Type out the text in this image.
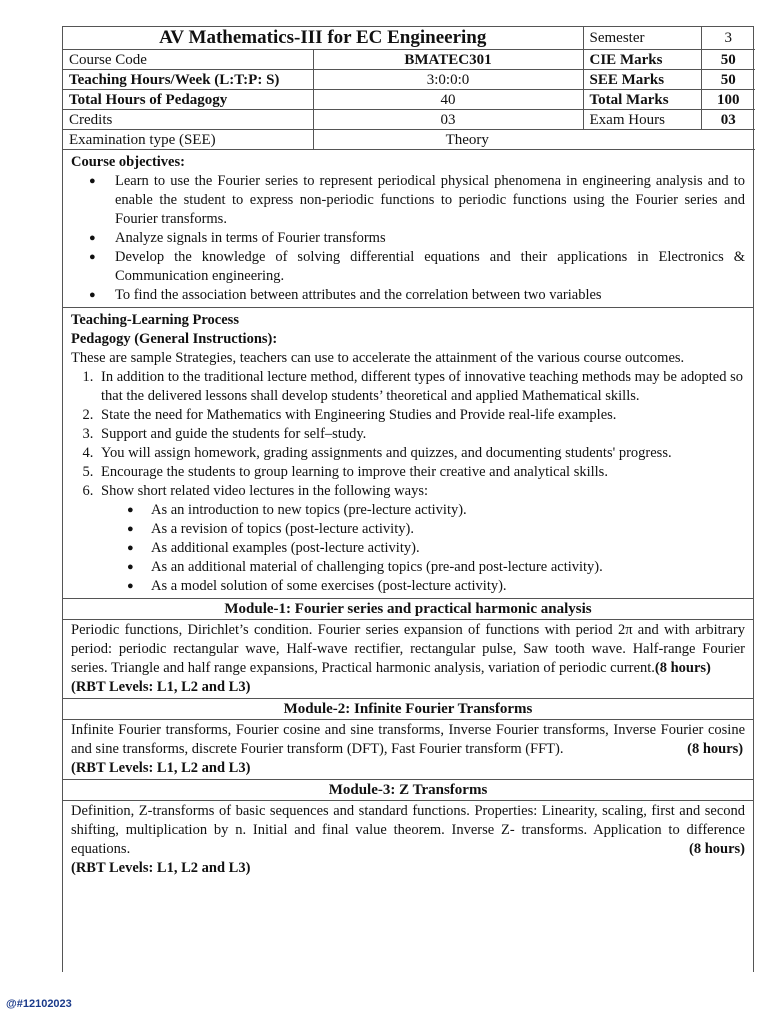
AV Mathematics-III for EC Engineering		Semester	3
Course Code	BMATEC301	CIE Marks	50
Teaching Hours/Week (L:T:P: S)	3:0:0:0	SEE Marks	50
Total Hours of Pedagogy	40	Total Marks	100
Credits	03	Exam Hours	03
Examination type (SEE)	Theory		
Course objectives:
● Learn to use the Fourier series to represent periodical physical phenomena in engineering analysis and to enable the student to express non-periodic functions to periodic functions using the Fourier series and Fourier transforms.
● Analyze signals in terms of Fourier transforms
● Develop the knowledge of solving differential equations and their applications in Electronics & Communication engineering.
● To find the association between attributes and the correlation between two variables
Teaching-Learning Process
Pedagogy (General Instructions):
These are sample Strategies, teachers can use to accelerate the attainment of the various course outcomes.
1. In addition to the traditional lecture method, different types of innovative teaching methods may be adopted so that the delivered lessons shall develop students’ theoretical and applied Mathematical skills.
2. State the need for Mathematics with Engineering Studies and Provide real-life examples.
3. Support and guide the students for self–study.
4. You will assign homework, grading assignments and quizzes, and documenting students' progress.
5. Encourage the students to group learning to improve their creative and analytical skills.
6. Show short related video lectures in the following ways:
● As an introduction to new topics (pre-lecture activity).
● As a revision of topics (post-lecture activity).
● As additional examples (post-lecture activity).
● As an additional material of challenging topics (pre-and post-lecture activity).
● As a model solution of some exercises (post-lecture activity).
Module-1: Fourier series and practical harmonic analysis
Periodic functions, Dirichlet’s condition. Fourier series expansion of functions with period 2π and with arbitrary period: periodic rectangular wave, Half-wave rectifier, rectangular pulse, Saw tooth wave. Half-range Fourier series. Triangle and half range expansions, Practical harmonic analysis, variation of periodic current.(8 hours)
(RBT Levels: L1, L2 and L3)
Module-2: Infinite Fourier Transforms
Infinite Fourier transforms, Fourier cosine and sine transforms, Inverse Fourier transforms, Inverse Fourier cosine and sine transforms, discrete Fourier transform (DFT), Fast Fourier transform (FFT).	(8 hours)
(RBT Levels: L1, L2 and L3)
Module-3: Z Transforms
Definition, Z-transforms of basic sequences and standard functions. Properties: Linearity, scaling, first and second shifting, multiplication by n. Initial and final value theorem. Inverse Z- transforms. Application to difference equations.	(8 hours)

(RBT Levels: L1, L2 and L3)
@#12102023
